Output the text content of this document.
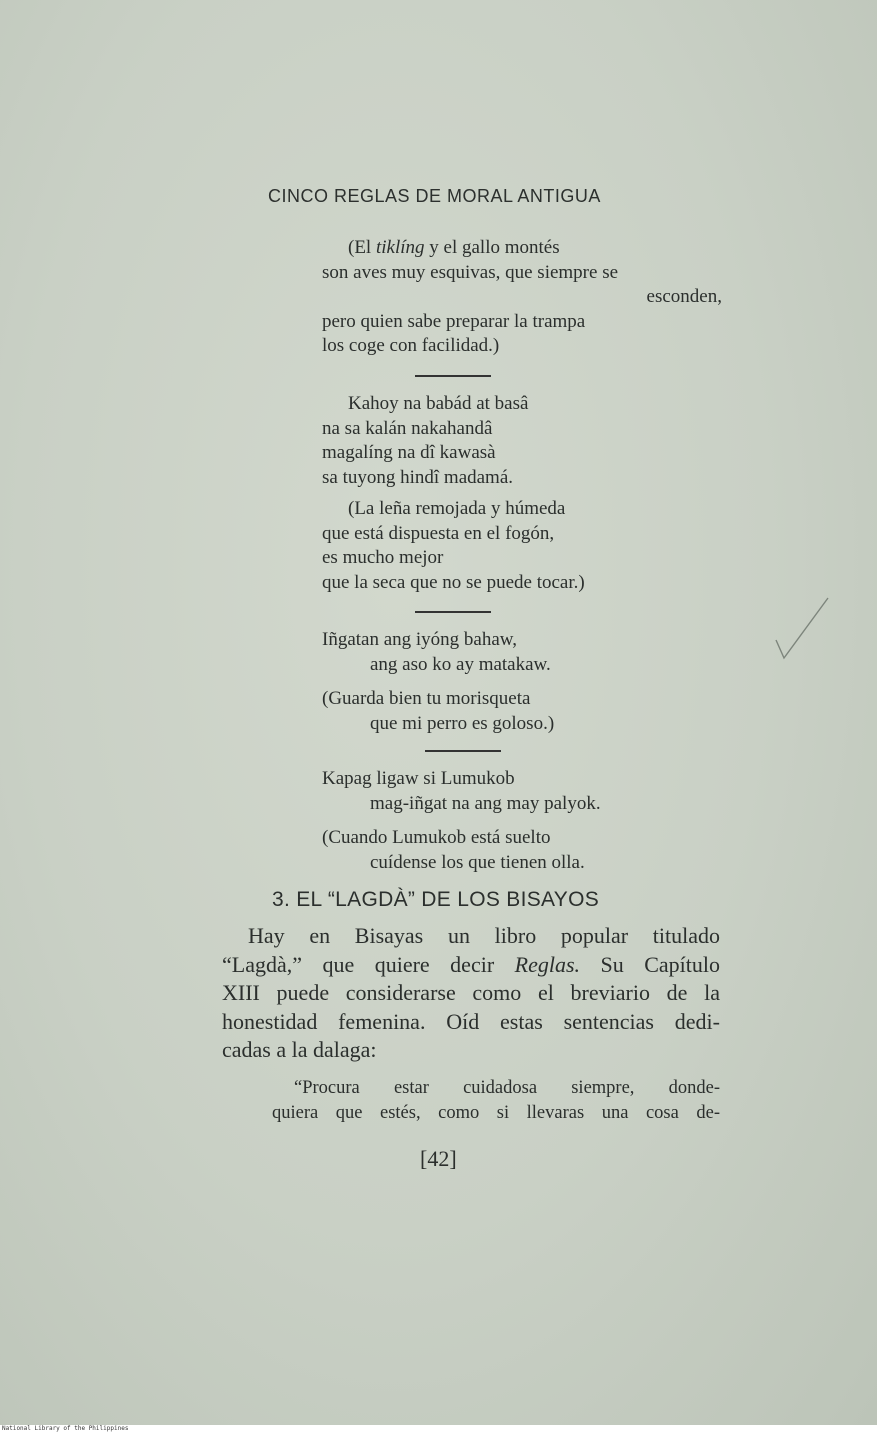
CINCO REGLAS DE MORAL ANTIGUA
(El tiklíng y el gallo montés
son aves muy esquivas, que siempre se
esconden,
pero quien sabe preparar la trampa
los coge con facilidad.)
Kahoy na babád at basâ
na sa kalán nakahandâ
magalíng na dî kawasà
sa tuyong hindî madamá.
(La leña remojada y húmeda
que está dispuesta en el fogón,
es mucho mejor
que la seca que no se puede tocar.)
Iñgatan ang iyóng bahaw,
ang aso ko ay matakaw.
(Guarda bien tu morisqueta
que mi perro es goloso.)
Kapag ligaw si Lumukob
mag-iñgat na ang may palyok.
(Cuando Lumukob está suelto
cuídense los que tienen olla.
3. EL “LAGDÀ” DE LOS BISAYOS
Hay en Bisayas un libro popular titulado
“Lagdà,” que quiere decir Reglas. Su Capítulo
XIII puede considerarse como el breviario de la
honestidad femenina. Oíd estas sentencias dedi-
cadas a la dalaga:
“Procura estar cuidadosa siempre, donde-
quiera que estés, como si llevaras una cosa de-
[42]
National Library of the Philippines
